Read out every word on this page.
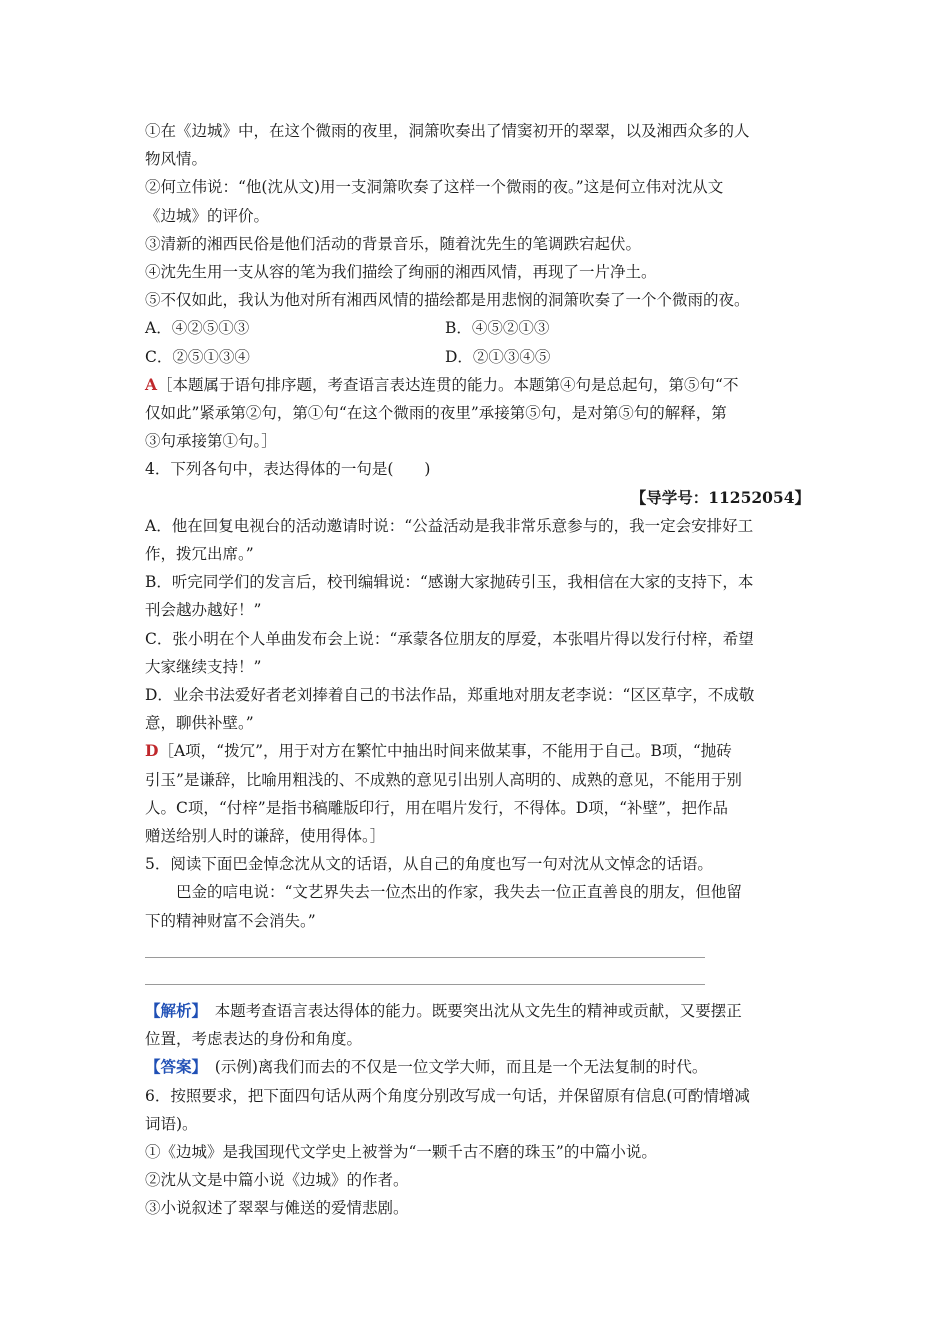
①在《边城》中，在这个微雨的夜里，洞箫吹奏出了情窦初开的翠翠，以及湘西众多的人
物风情。
②何立伟说：“他(沈从文)用一支洞箫吹奏了这样一个微雨的夜。”这是何立伟对沈从文
《边城》的评价。
③清新的湘西民俗是他们活动的背景音乐，随着沈先生的笔调跌宕起伏。
④沈先生用一支从容的笔为我们描绘了绚丽的湘西风情，再现了一片净土。
⑤不仅如此，我认为他对所有湘西风情的描绘都是用悲悯的洞箫吹奏了一个个微雨的夜。
A．④②⑤①③	B．④⑤②①③
C．②⑤①③④	D．②①③④⑤
A［本题属于语句排序题，考查语言表达连贯的能力。本题第④句是总起句，第⑤句“不
仅如此”紧承第②句，第①句“在这个微雨的夜里”承接第⑤句，是对第⑤句的解释，第
③句承接第①句。］
4．下列各句中，表达得体的一句是(　　)
【导学号：11252054】
A．他在回复电视台的活动邀请时说：“公益活动是我非常乐意参与的，我一定会安排好工
作，拨冗出席。”
B．听完同学们的发言后，校刊编辑说：“感谢大家抛砖引玉，我相信在大家的支持下，本
刊会越办越好！”
C．张小明在个人单曲发布会上说：“承蒙各位朋友的厚爱，本张唱片得以发行付梓，希望
大家继续支持！”
D．业余书法爱好者老刘捧着自己的书法作品，郑重地对朋友老李说：“区区草字，不成敬
意，聊供补壁。”
D［A项，“拨冗”，用于对方在繁忙中抽出时间来做某事，不能用于自己。B项，“抛砖
引玉”是谦辞，比喻用粗浅的、不成熟的意见引出别人高明的、成熟的意见，不能用于别
人。C项，“付梓”是指书稿雕版印行，用在唱片发行，不得体。D项，“补壁”，把作品
赠送给别人时的谦辞，使用得体。］
5．阅读下面巴金悼念沈从文的话语，从自己的角度也写一句对沈从文悼念的话语。
巴金的唁电说：“文艺界失去一位杰出的作家，我失去一位正直善良的朋友，但他留
下的精神财富不会消失。”
【解析】　本题考查语言表达得体的能力。既要突出沈从文先生的精神或贡献，又要摆正
位置，考虑表达的身份和角度。
【答案】　(示例)离我们而去的不仅是一位文学大师，而且是一个无法复制的时代。
6．按照要求，把下面四句话从两个角度分别改写成一句话，并保留原有信息(可酌情增减
词语)。
①《边城》是我国现代文学史上被誉为“一颗千古不磨的珠玉”的中篇小说。
②沈从文是中篇小说《边城》的作者。
③小说叙述了翠翠与傩送的爱情悲剧。
